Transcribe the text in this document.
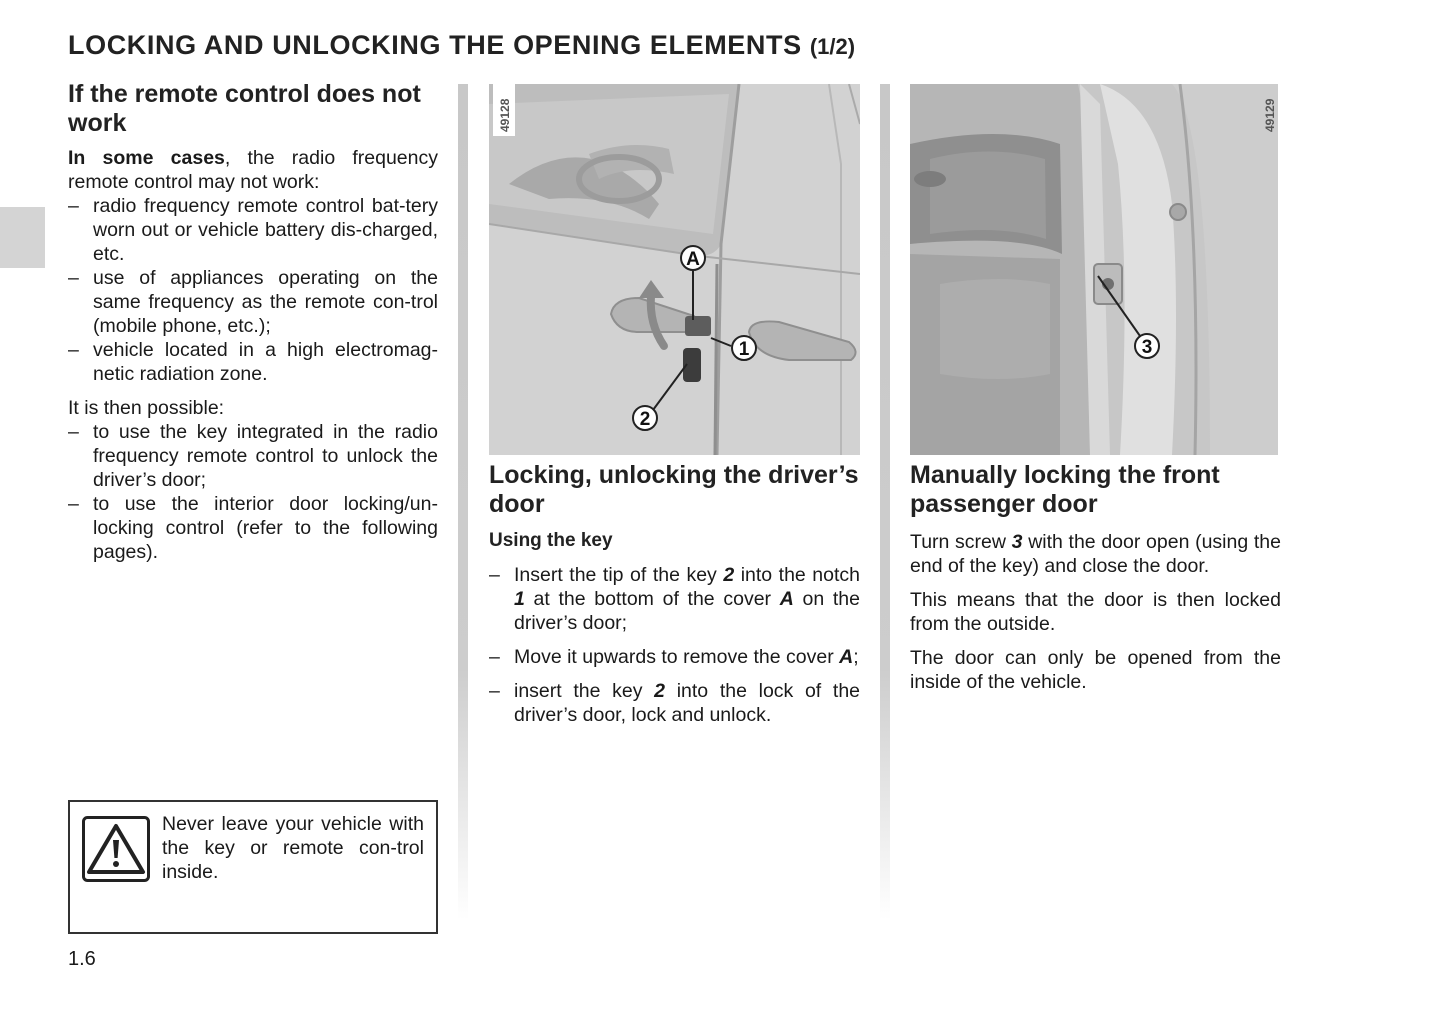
LOCKING AND UNLOCKING THE OPENING ELEMENTS (1/2)
If the remote control does not work

In some cases, the radio frequency remote control may not work:

– radio frequency remote control bat-tery worn out or vehicle battery dis-charged, etc.
– use of appliances operating on the same frequency as the remote con-trol (mobile phone, etc.);
– vehicle located in a high electromag-netic radiation zone.

It is then possible:

– to use the key integrated in the radio frequency remote control to unlock the driver’s door;
– to use the interior door locking/un-locking control (refer to the following pages).
Never leave your vehicle with the key or remote con-trol inside.
1.6
A
1
2
49128
3
49129
Locking, unlocking the driver’s door
Using the key
– Insert the tip of the key 2 into the notch 1 at the bottom of the cover A on the driver’s door;
– Move it upwards to remove the cover A;
– insert the key 2 into the lock of the driver’s door, lock and unlock.
Manually locking the front passenger door

Turn screw 3 with the door open (using the end of the key) and close the door.

This means that the door is then locked from the outside.

The door can only be opened from the inside of the vehicle.
